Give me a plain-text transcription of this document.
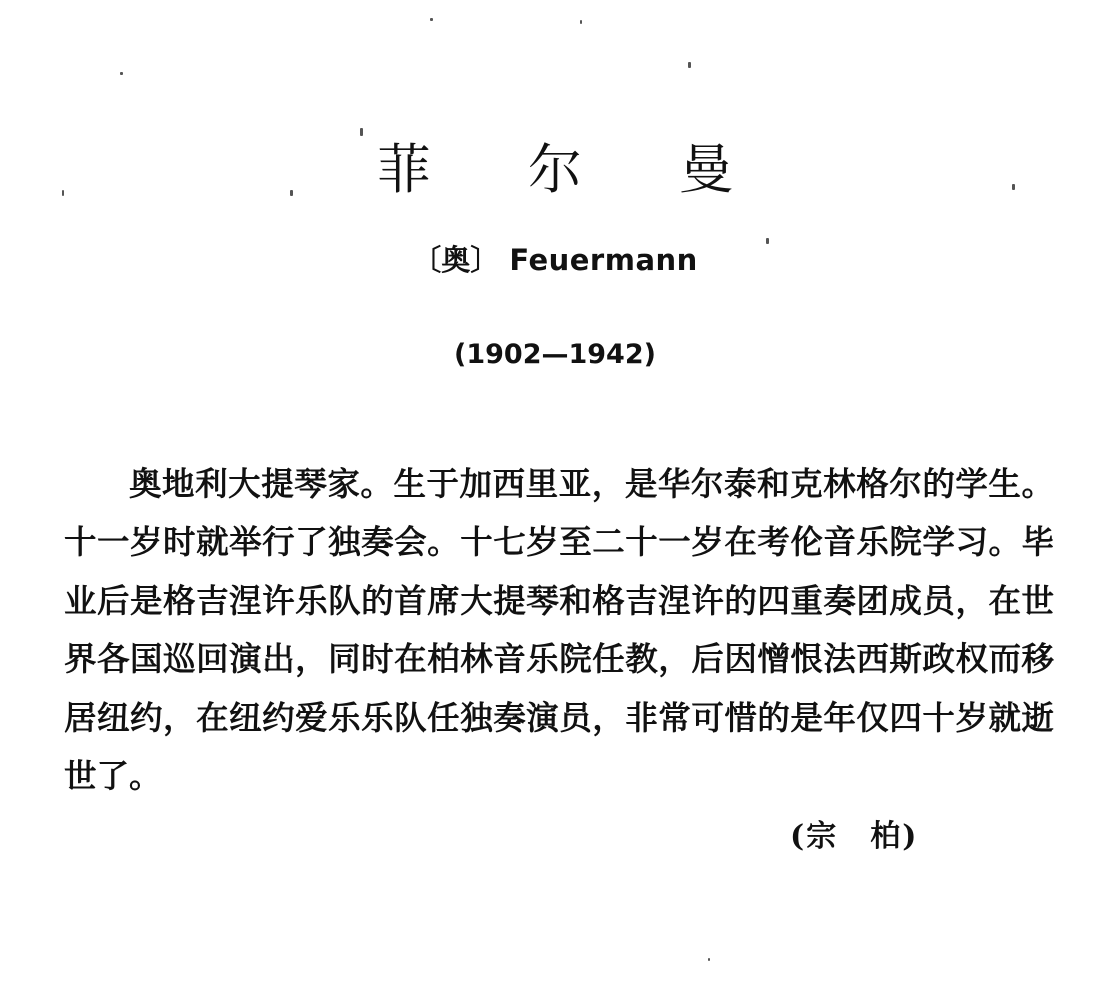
菲 尔 曼
〔奥〕 Feuermann
(1902—1942)

奥地利大提琴家。生于加西里亚，是华尔泰和克林格尔的学生。十一岁时就举行了独奏会。十七岁至二十一岁在考伦音乐院学习。毕业后是格吉涅许乐队的首席大提琴和格吉涅许的四重奏团成员，在世界各国巡回演出，同时在柏林音乐院任教，后因憎恨法西斯政权而移居纽约，在纽约爱乐乐队任独奏演员，非常可惜的是年仅四十岁就逝世了。

(宗　柏)
